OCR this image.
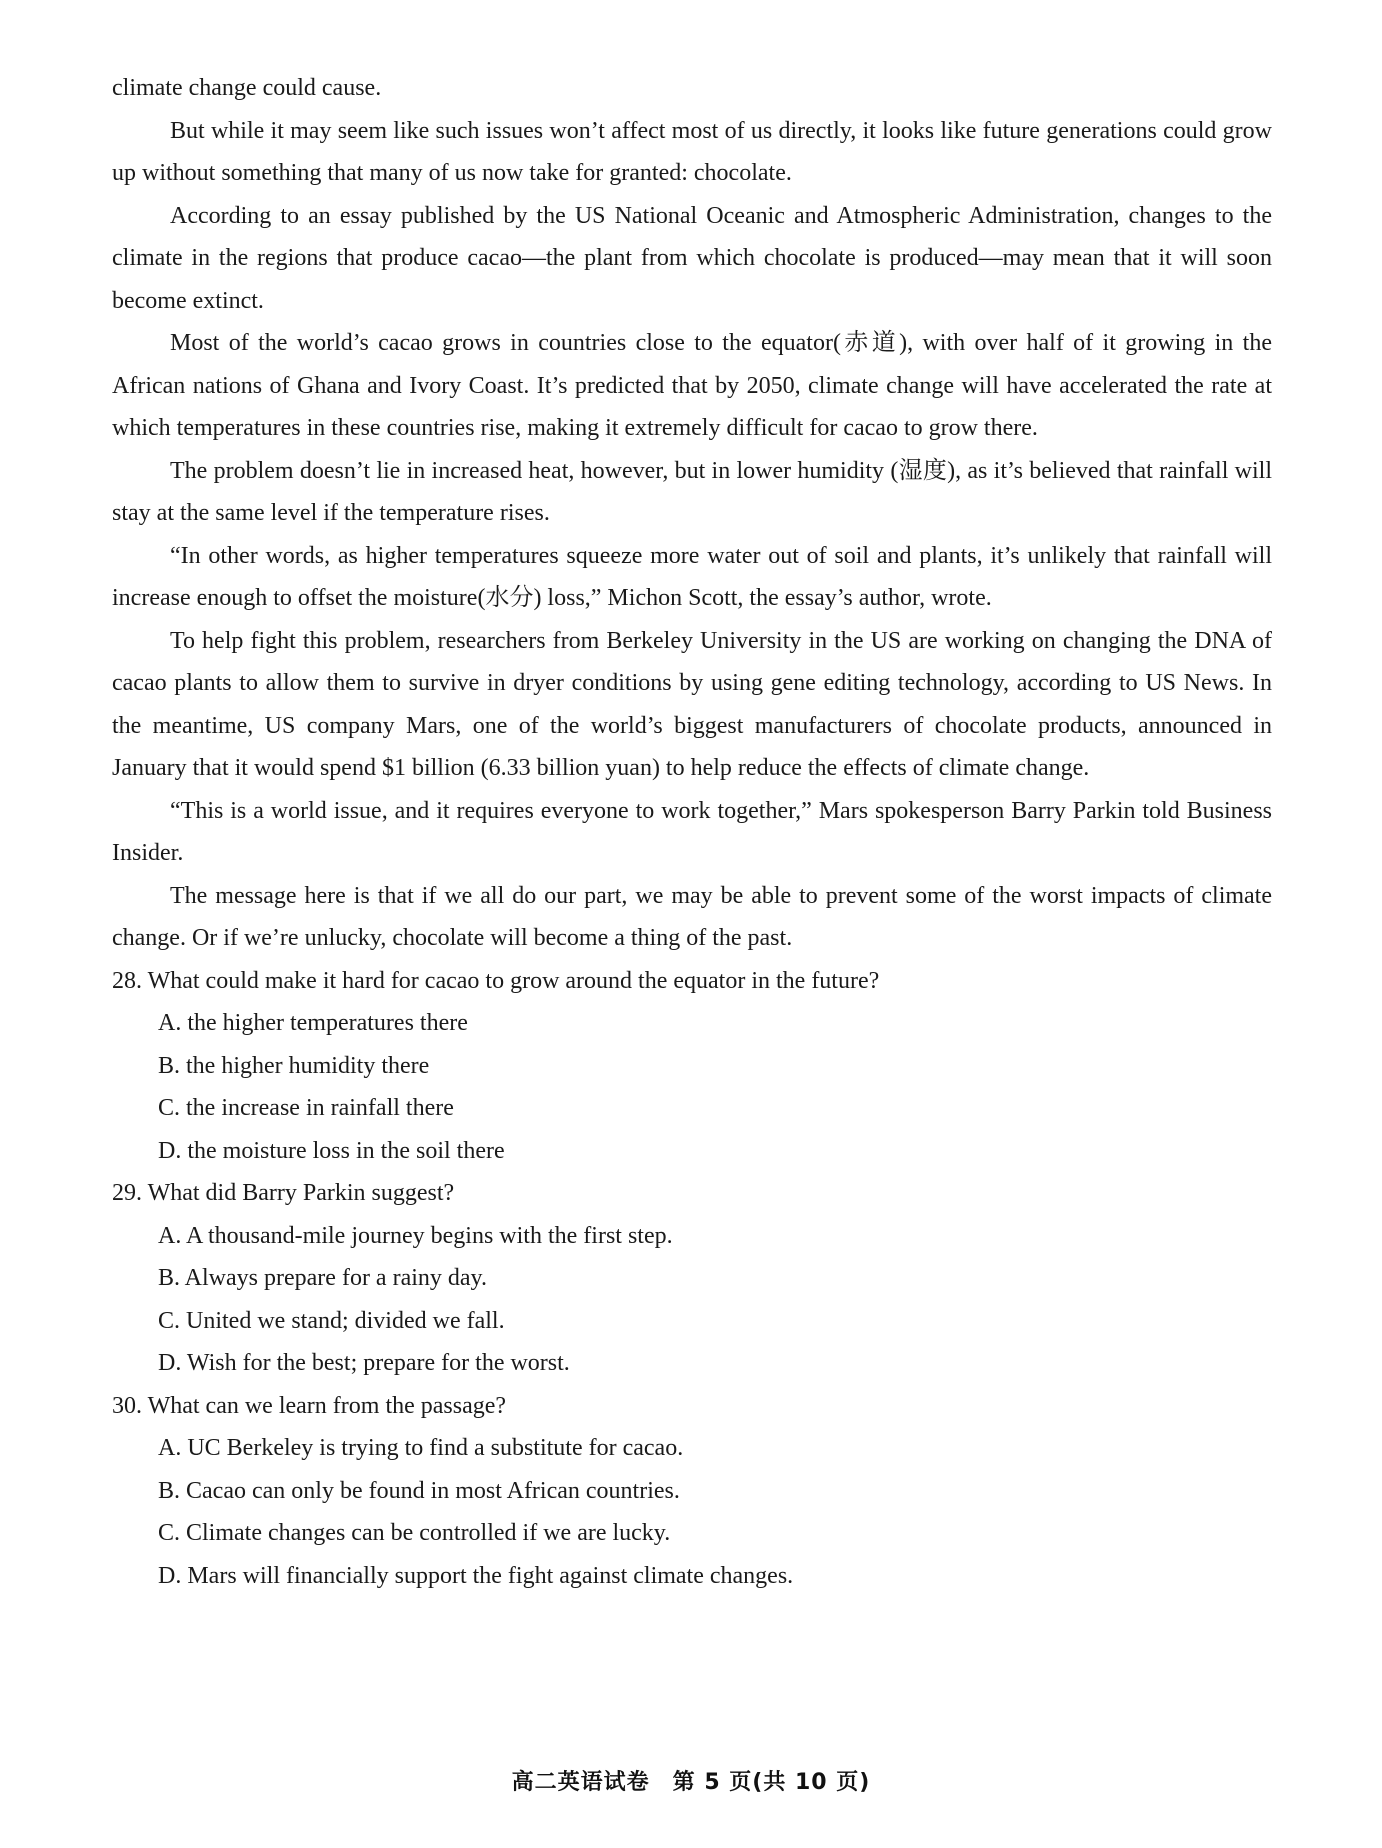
climate change could cause.

But while it may seem like such issues won’t affect most of us directly, it looks like future generations could grow up without something that many of us now take for granted: chocolate.

According to an essay published by the US National Oceanic and Atmospheric Administration, changes to the climate in the regions that produce cacao—the plant from which chocolate is produced—may mean that it will soon become extinct.

Most of the world’s cacao grows in countries close to the equator(赤道), with over half of it growing in the African nations of Ghana and Ivory Coast. It’s predicted that by 2050, climate change will have accelerated the rate at which temperatures in these countries rise, making it extremely difficult for cacao to grow there.

The problem doesn’t lie in increased heat, however, but in lower humidity (湿度), as it’s believed that rainfall will stay at the same level if the temperature rises.

“In other words, as higher temperatures squeeze more water out of soil and plants, it’s unlikely that rainfall will increase enough to offset the moisture(水分) loss,” Michon Scott, the essay’s author, wrote.

To help fight this problem, researchers from Berkeley University in the US are working on changing the DNA of cacao plants to allow them to survive in dryer conditions by using gene editing technology, according to US News. In the meantime, US company Mars, one of the world’s biggest manufacturers of chocolate products, announced in January that it would spend $1 billion (6.33 billion yuan) to help reduce the effects of climate change.

“This is a world issue, and it requires everyone to work together,” Mars spokesperson Barry Parkin told Business Insider.

The message here is that if we all do our part, we may be able to prevent some of the worst impacts of climate change. Or if we’re unlucky, chocolate will become a thing of the past.

28. What could make it hard for cacao to grow around the equator in the future?

A. the higher temperatures there

B. the higher humidity there

C. the increase in rainfall there

D. the moisture loss in the soil there

29. What did Barry Parkin suggest?

A. A thousand-mile journey begins with the first step.

B. Always prepare for a rainy day.

C. United we stand; divided we fall.

D. Wish for the best; prepare for the worst.

30. What can we learn from the passage?

A. UC Berkeley is trying to find a substitute for cacao.

B. Cacao can only be found in most African countries.

C. Climate changes can be controlled if we are lucky.

D. Mars will financially support the fight against climate changes.

高二英语试卷　第 5 页(共 10 页)
